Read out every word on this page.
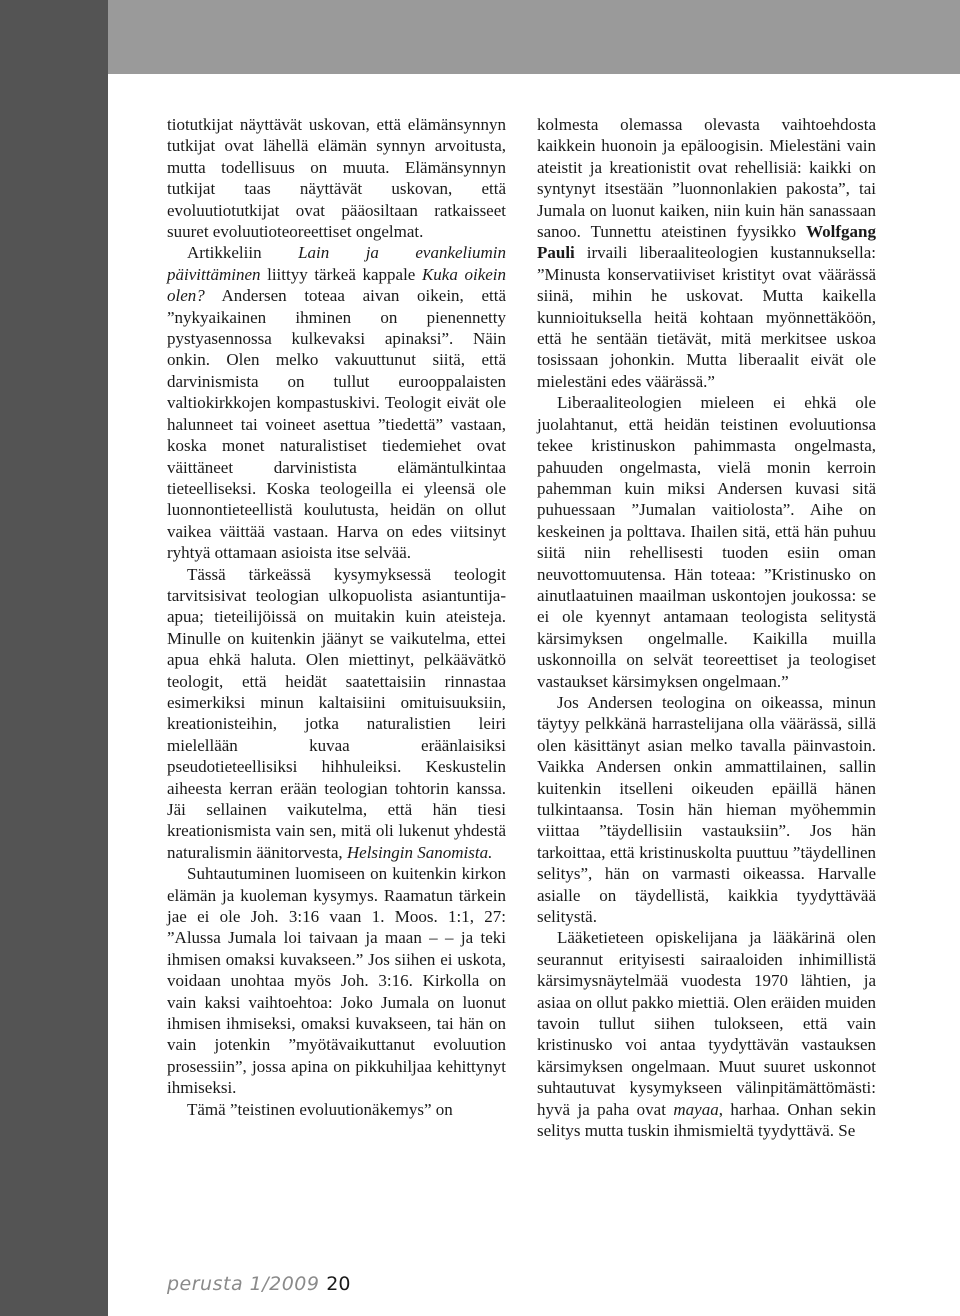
tiotutkijat näyttävät uskovan, että elämänsynnyn tutkijat ovat lähellä elämän synnyn arvoitusta, mutta todellisuus on muuta. Elämänsynnyn tutkijat taas näyttävät uskovan, että evoluutiotutkijat ovat pääosiltaan ratkaisseet suuret evoluutioteoreettiset ongelmat.

Artikkeliin Lain ja evankeliumin päivittäminen liittyy tärkeä kappale Kuka oikein olen? Andersen toteaa aivan oikein, että ”nykyaikainen ihminen on pienennetty pystyasennossa kulkevaksi apinaksi”. Näin onkin. Olen melko vakuuttunut siitä, että darvinismista on tullut eurooppalaisten valtiokirkkojen kompastuskivi. Teologit eivät ole halunneet tai voineet asettua ”tiedettä” vastaan, koska monet naturalistiset tiedemiehet ovat väittäneet darvinistista elämäntulkintaa tieteelliseksi. Koska teologeilla ei yleensä ole luonnontieteellistä koulutusta, heidän on ollut vaikea väittää vastaan. Harva on edes viitsinyt ryhtyä ottamaan asioista itse selvää.

Tässä tärkeässä kysymyksessä teologit tarvitsisivat teologian ulkopuolista asiantuntija-apua; tieteilijöissä on muitakin kuin ateisteja. Minulle on kuitenkin jäänyt se vaikutelma, ettei apua ehkä haluta. Olen miettinyt, pelkäävätkö teologit, että heidät saatettaisiin rinnastaa esimerkiksi minun kaltaisiini omituisuuksiin, kreationisteihin, jotka naturalistien leiri mielellään kuvaa eräänlaisiksi pseudotieteellisiksi hihhuleiksi. Keskustelin aiheesta kerran erään teologian tohtorin kanssa. Jäi sellainen vaikutelma, että hän tiesi kreationismista vain sen, mitä oli lukenut yhdestä naturalismin äänitorvesta, Helsingin Sanomista.

Suhtautuminen luomiseen on kuitenkin kirkon elämän ja kuoleman kysymys. Raamatun tärkein jae ei ole Joh. 3:16 vaan 1. Moos. 1:1, 27: ”Alussa Jumala loi taivaan ja maan – – ja teki ihmisen omaksi kuvakseen.” Jos siihen ei uskota, voidaan unohtaa myös Joh. 3:16. Kirkolla on vain kaksi vaihtoehtoa: Joko Jumala on luonut ihmisen ihmiseksi, omaksi kuvakseen, tai hän on vain jotenkin ”myötävaikuttanut evoluution prosessiin”, jossa apina on pikkuhiljaa kehittynyt ihmiseksi.

Tämä ”teistinen evoluutionäkemys” on

kolmesta olemassa olevasta vaihtoehdosta kaikkein huonoin ja epäloogisin. Mielestäni vain ateistit ja kreationistit ovat rehellisiä: kaikki on syntynyt itsestään ”luonnonlakien pakosta”, tai Jumala on luonut kaiken, niin kuin hän sanassaan sanoo. Tunnettu ateistinen fyysikko Wolfgang Pauli irvaili liberaaliteologien kustannuksella: ”Minusta konservatiiviset kristityt ovat väärässä siinä, mihin he uskovat. Mutta kaikella kunnioituksella heitä kohtaan myönnettäköön, että he sentään tietävät, mitä merkitsee uskoa tosissaan johonkin. Mutta liberaalit eivät ole mielestäni edes väärässä.”

Liberaaliteologien mieleen ei ehkä ole juolahtanut, että heidän teistinen evoluutionsa tekee kristinuskon pahimmasta ongelmasta, pahuuden ongelmasta, vielä monin kerroin pahemman kuin miksi Andersen kuvasi sitä puhuessaan ”Jumalan vaitiolosta”. Aihe on keskeinen ja polttava. Ihailen sitä, että hän puhuu siitä niin rehellisesti tuoden esiin oman neuvottomuutensa. Hän toteaa: ”Kristinusko on ainutlaatuinen maailman uskontojen joukossa: se ei ole kyennyt antamaan teologista selitystä kärsimyksen ongelmalle. Kaikilla muilla uskonnoilla on selvät teoreettiset ja teologiset vastaukset kärsimyksen ongelmaan.”

Jos Andersen teologina on oikeassa, minun täytyy pelkkänä harrastelijana olla väärässä, sillä olen käsittänyt asian melko tavalla päinvastoin. Vaikka Andersen onkin ammattilainen, sallin kuitenkin itselleni oikeuden epäillä hänen tulkintaansa. Tosin hän hieman myöhemmin viittaa ”täydellisiin vastauksiin”. Jos hän tarkoittaa, että kristinuskolta puuttuu ”täydellinen selitys”, hän on varmasti oikeassa. Harvalle asialle on täydellistä, kaikkia tyydyttävää selitystä.

Lääketieteen opiskelijana ja lääkärinä olen seurannut erityisesti sairaaloiden inhimillistä kärsimysnäytelmää vuodesta 1970 lähtien, ja asiaa on ollut pakko miettiä. Olen eräiden muiden tavoin tullut siihen tulokseen, että vain kristinusko voi antaa tyydyttävän vastauksen kärsimyksen ongelmaan. Muut suuret uskonnot suhtautuvat kysymykseen välinpitämättömästi: hyvä ja paha ovat mayaa, harhaa. Onhan sekin selitys mutta tuskin ihmismieltä tyydyttävä. Se

perusta 1/2009 20
